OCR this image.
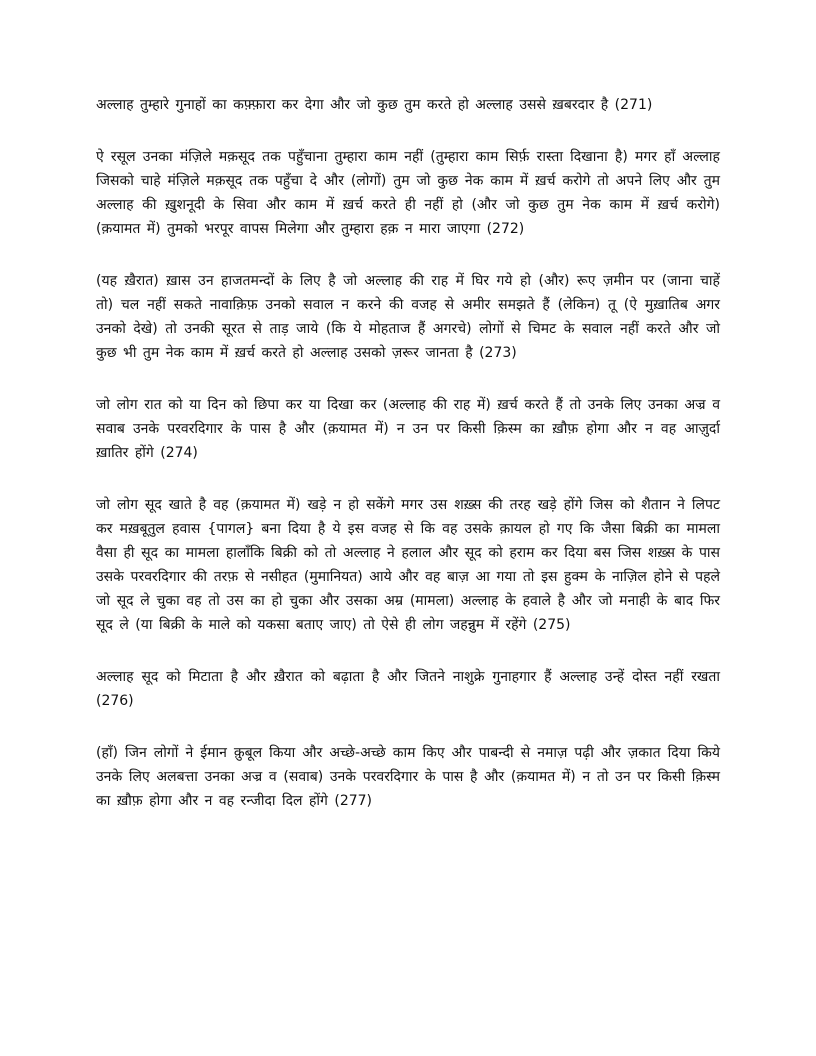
अल्लाह तुम्हारे गुनाहों का कफ़्फ़ारा कर देगा और जो कुछ तुम करते हो अल्लाह उससे ख़बरदार है (271)

ऐ रसूल उनका मंज़िले मक़सूद तक पहुँचाना तुम्हारा काम नहीं (तुम्हारा काम सिर्फ़ रास्ता दिखाना है) मगर हाँ अल्लाह जिसको चाहे मंज़िले मक़सूद तक पहुँचा दे और (लोगों) तुम जो कुछ नेक काम में ख़र्च करोगे तो अपने लिए और तुम अल्लाह की ख़ुशनूदी के सिवा और काम में ख़र्च करते ही नहीं हो (और जो कुछ तुम नेक काम में ख़र्च करोगे) (क़यामत में) तुमको भरपूर वापस मिलेगा और तुम्हारा हक़ न मारा जाएगा (272)

(यह ख़ैरात) ख़ास उन हाजतमन्दों के लिए है जो अल्लाह की राह में घिर गये हो (और) रूए ज़मीन पर (जाना चाहें तो) चल नहीं सकते नावाक़िफ़ उनको सवाल न करने की वजह से अमीर समझते हैं (लेकिन) तू (ऐ मुख़ातिब अगर उनको देखे) तो उनकी सूरत से ताड़ जाये (कि ये मोहताज हैं अगरचे) लोगों से चिमट के सवाल नहीं करते और जो कुछ भी तुम नेक काम में ख़र्च करते हो अल्लाह उसको ज़रूर जानता है (273)

जो लोग रात को या दिन को छिपा कर या दिखा कर (अल्लाह की राह में) ख़र्च करते हैं तो उनके लिए उनका अज्र व सवाब उनके परवरदिगार के पास है और (क़यामत में) न उन पर किसी क़िस्म का ख़ौफ़ होगा और न वह आज़ुर्दा ख़ातिर होंगे (274)

जो लोग सूद खाते है वह (क़यामत में) खड़े न हो सकेंगे मगर उस शख़्स की तरह खड़े होंगे जिस को शैतान ने लिपट कर मख़बूतुल हवास {पागल} बना दिया है ये इस वजह से कि वह उसके क़ायल हो गए कि जैसा बिक्री का मामला वैसा ही सूद का मामला हालाँकि बिक्री को तो अल्लाह ने हलाल और सूद को हराम कर दिया बस जिस शख़्स के पास उसके परवरदिगार की तरफ़ से नसीहत (मुमानियत) आये और वह बाज़ आ गया तो इस हुक्म के नाज़िल होने से पहले जो सूद ले चुका वह तो उस का हो चुका और उसका अम्र (मामला) अल्लाह के हवाले है और जो मनाही के बाद फिर सूद ले (या बिक्री के माले को यकसा बताए जाए) तो ऐसे ही लोग जहन्नुम में रहेंगे (275)

अल्लाह सूद को मिटाता है और ख़ैरात को बढ़ाता है और जितने नाशुक्रे गुनाहगार हैं अल्लाह उन्हें दोस्त नहीं रखता (276)

(हाँ) जिन लोगों ने ईमान क़ुबूल किया और अच्छे-अच्छे काम किए और पाबन्दी से नमाज़ पढ़ी और ज़कात दिया किये उनके लिए अलबत्ता उनका अज्र व (सवाब) उनके परवरदिगार के पास है और (क़यामत में) न तो उन पर किसी क़िस्म का ख़ौफ़ होगा और न वह रन्जीदा दिल होंगे (277)
